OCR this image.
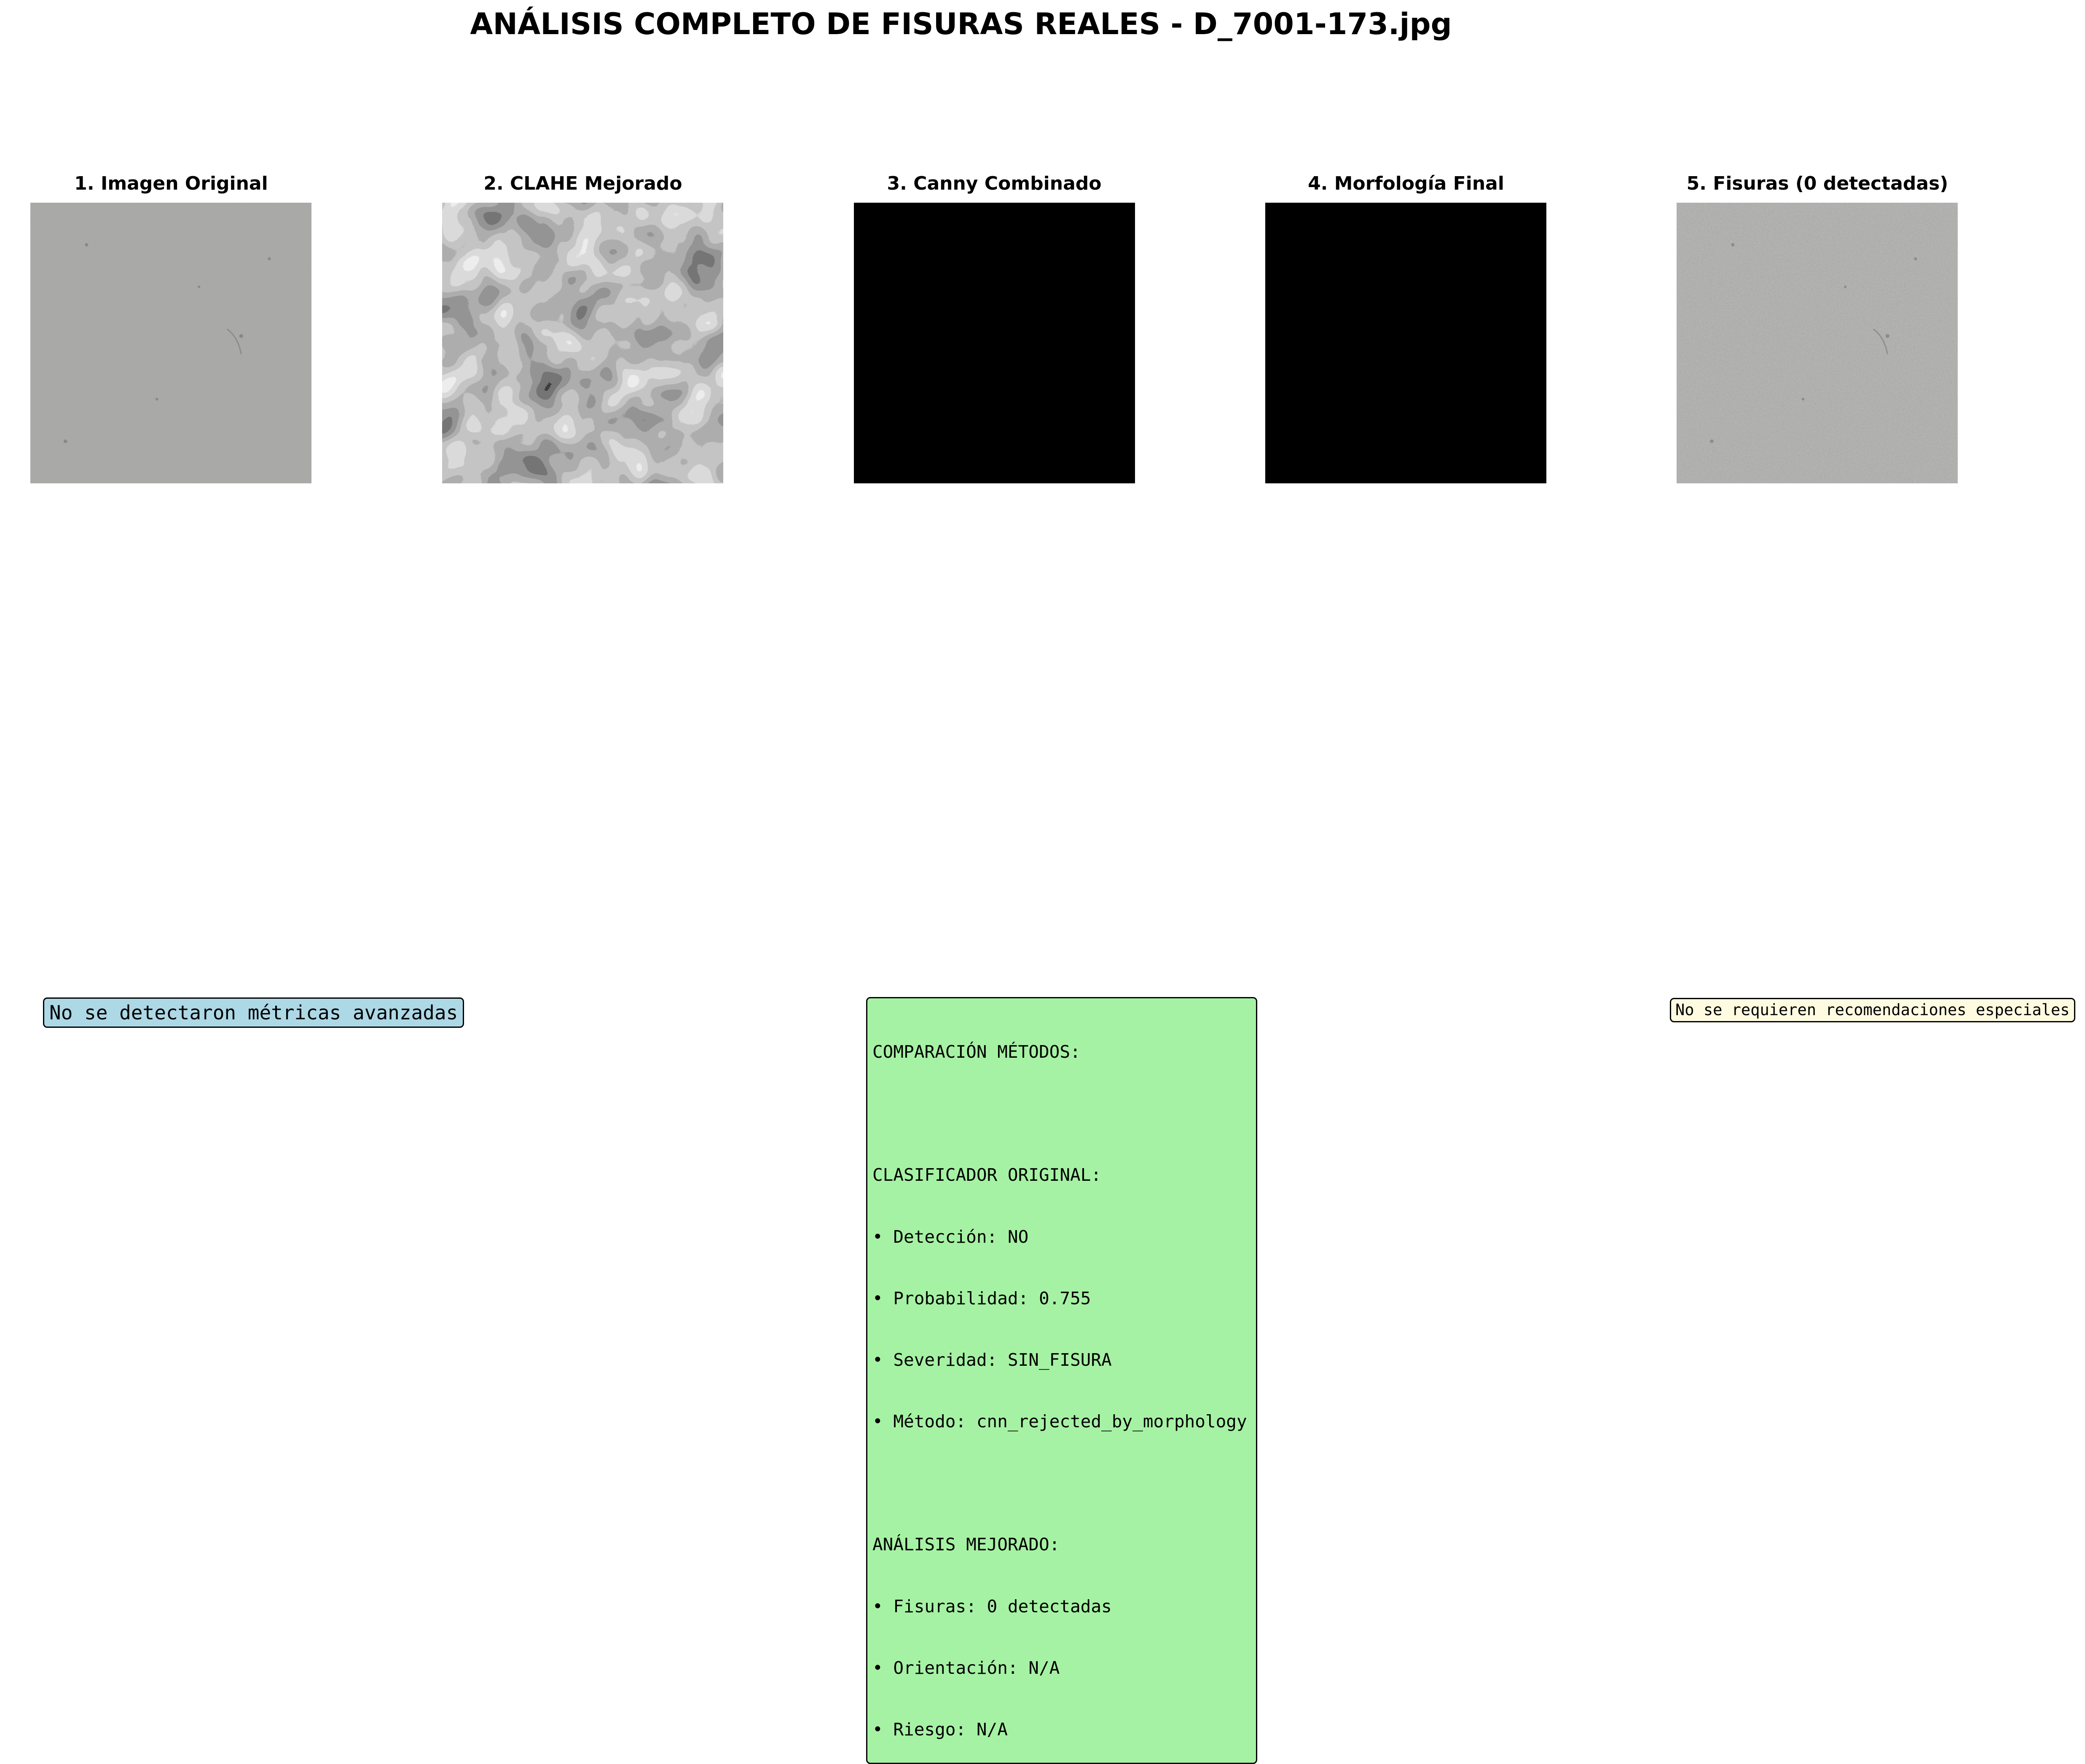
ANÁLISIS COMPLETO DE FISURAS REALES - D_7001-173.jpg
1. Imagen Original	2. CLAHE Mejorado	3. Canny Combinado	4. Morfología Final	5. Fisuras (0 detectadas)
No se detectaron métricas avanzadas

COMPARACIÓN MÉTODOS:

CLASIFICADOR ORIGINAL:

• Detección: NO

• Probabilidad: 0.755

• Severidad: SIN_FISURA

• Método: cnn_rejected_by_morphology

ANÁLISIS MEJORADO:

• Fisuras: 0 detectadas

• Orientación: N/A

• Riesgo: N/A

No se requieren recomendaciones especiales
